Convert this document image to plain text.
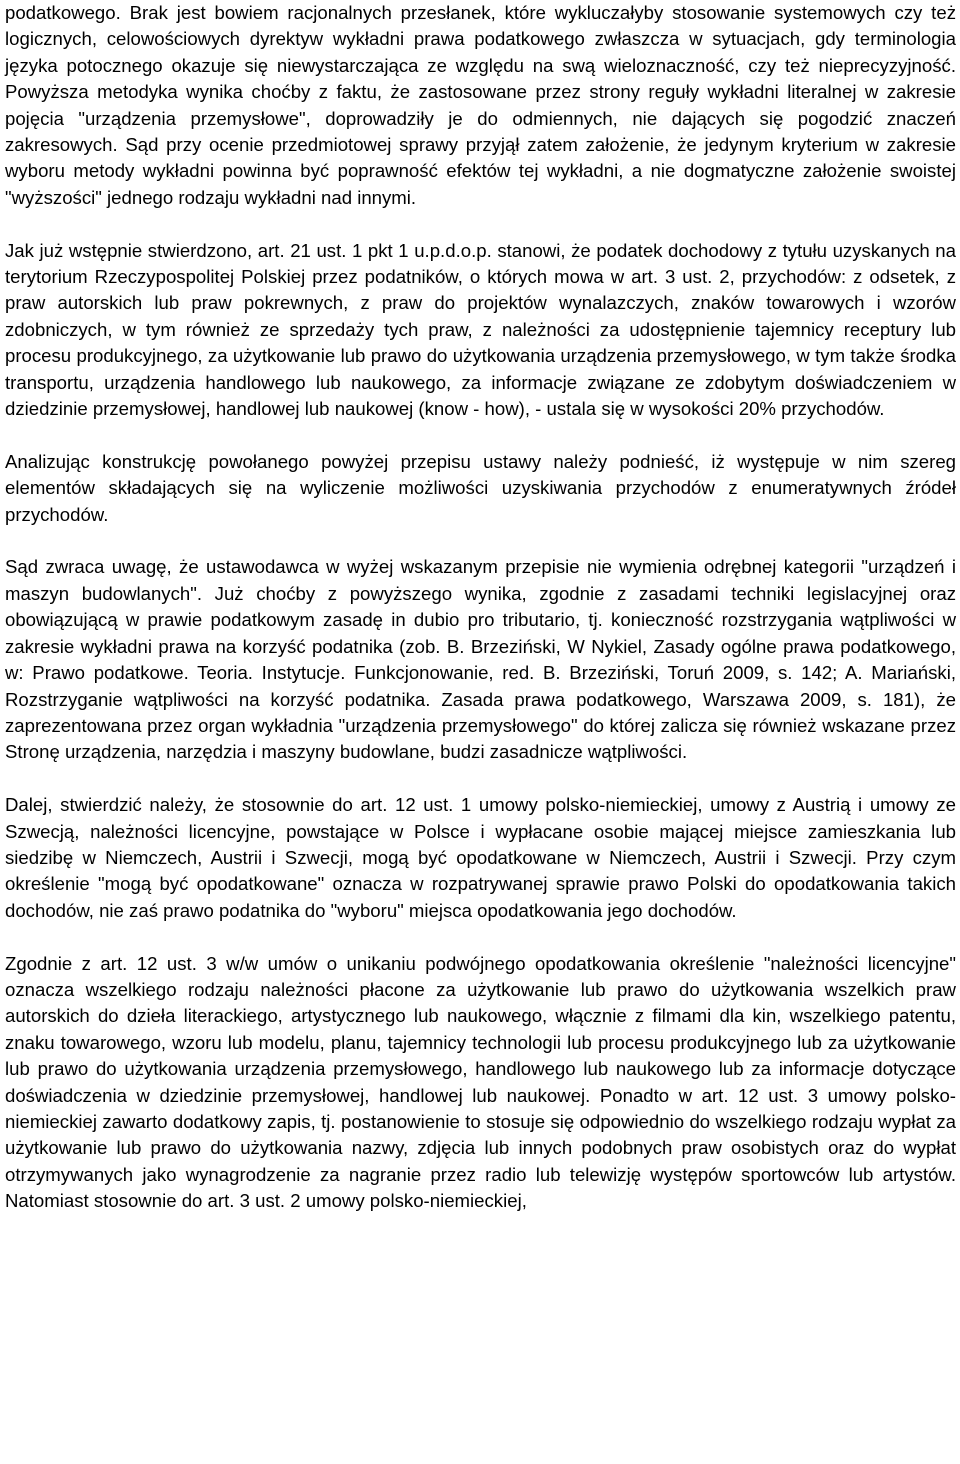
podatkowego. Brak jest bowiem racjonalnych przesłanek, które wykluczałyby stosowanie systemowych czy też logicznych, celowościowych dyrektyw wykładni prawa podatkowego zwłaszcza w sytuacjach, gdy terminologia języka potocznego okazuje się niewystarczająca ze względu na swą wieloznaczność, czy też nieprecyzyjność. Powyższa metodyka wynika choćby z faktu, że zastosowane przez strony reguły wykładni literalnej w zakresie pojęcia "urządzenia przemysłowe", doprowadziły je do odmiennych, nie dających się pogodzić znaczeń zakresowych. Sąd przy ocenie przedmiotowej sprawy przyjął zatem założenie, że jedynym kryterium w zakresie wyboru metody wykładni powinna być poprawność efektów tej wykładni, a nie dogmatyczne założenie swoistej "wyższości" jednego rodzaju wykładni nad innymi.

Jak już wstępnie stwierdzono, art. 21 ust. 1 pkt 1 u.p.d.o.p. stanowi, że podatek dochodowy z tytułu uzyskanych na terytorium Rzeczypospolitej Polskiej przez podatników, o których mowa w art. 3 ust. 2, przychodów: z odsetek, z praw autorskich lub praw pokrewnych, z praw do projektów wynalazczych, znaków towarowych i wzorów zdobniczych, w tym również ze sprzedaży tych praw, z należności za udostępnienie tajemnicy receptury lub procesu produkcyjnego, za użytkowanie lub prawo do użytkowania urządzenia przemysłowego, w tym także środka transportu, urządzenia handlowego lub naukowego, za informacje związane ze zdobytym doświadczeniem w dziedzinie przemysłowej, handlowej lub naukowej (know - how), - ustala się w wysokości 20% przychodów.

Analizując konstrukcję powołanego powyżej przepisu ustawy należy podnieść, iż występuje w nim szereg elementów składających się na wyliczenie możliwości uzyskiwania przychodów z enumeratywnych źródeł przychodów.

Sąd zwraca uwagę, że ustawodawca w wyżej wskazanym przepisie nie wymienia odrębnej kategorii "urządzeń i maszyn budowlanych". Już choćby z powyższego wynika, zgodnie z zasadami techniki legislacyjnej oraz obowiązującą w prawie podatkowym zasadę in dubio pro tributario, tj. konieczność rozstrzygania wątpliwości w zakresie wykładni prawa na korzyść podatnika (zob. B. Brzeziński, W Nykiel, Zasady ogólne prawa podatkowego, w: Prawo podatkowe. Teoria. Instytucje. Funkcjonowanie, red. B. Brzeziński, Toruń 2009, s. 142; A. Mariański, Rozstrzyganie wątpliwości na korzyść podatnika. Zasada prawa podatkowego, Warszawa 2009, s. 181), że zaprezentowana przez organ wykładnia "urządzenia przemysłowego" do której zalicza się również wskazane przez Stronę urządzenia, narzędzia i maszyny budowlane, budzi zasadnicze wątpliwości.

Dalej, stwierdzić należy, że stosownie do art. 12 ust. 1 umowy polsko-niemieckiej, umowy z Austrią i umowy ze Szwecją, należności licencyjne, powstające w Polsce i wypłacane osobie mającej miejsce zamieszkania lub siedzibę w Niemczech, Austrii i Szwecji, mogą być opodatkowane w Niemczech, Austrii i Szwecji. Przy czym określenie "mogą być opodatkowane" oznacza w rozpatrywanej sprawie prawo Polski do opodatkowania takich dochodów, nie zaś prawo podatnika do "wyboru" miejsca opodatkowania jego dochodów.

Zgodnie z art. 12 ust. 3 w/w umów o unikaniu podwójnego opodatkowania określenie "należności licencyjne" oznacza wszelkiego rodzaju należności płacone za użytkowanie lub prawo do użytkowania wszelkich praw autorskich do dzieła literackiego, artystycznego lub naukowego, włącznie z filmami dla kin, wszelkiego patentu, znaku towarowego, wzoru lub modelu, planu, tajemnicy technologii lub procesu produkcyjnego lub za użytkowanie lub prawo do użytkowania urządzenia przemysłowego, handlowego lub naukowego lub za informacje dotyczące doświadczenia w dziedzinie przemysłowej, handlowej lub naukowej. Ponadto w art. 12 ust. 3 umowy polsko-niemieckiej zawarto dodatkowy zapis, tj. postanowienie to stosuje się odpowiednio do wszelkiego rodzaju wypłat za użytkowanie lub prawo do użytkowania nazwy, zdjęcia lub innych podobnych praw osobistych oraz do wypłat otrzymywanych jako wynagrodzenie za nagranie przez radio lub telewizję występów sportowców lub artystów. Natomiast stosownie do art. 3 ust. 2 umowy polsko-niemieckiej,
